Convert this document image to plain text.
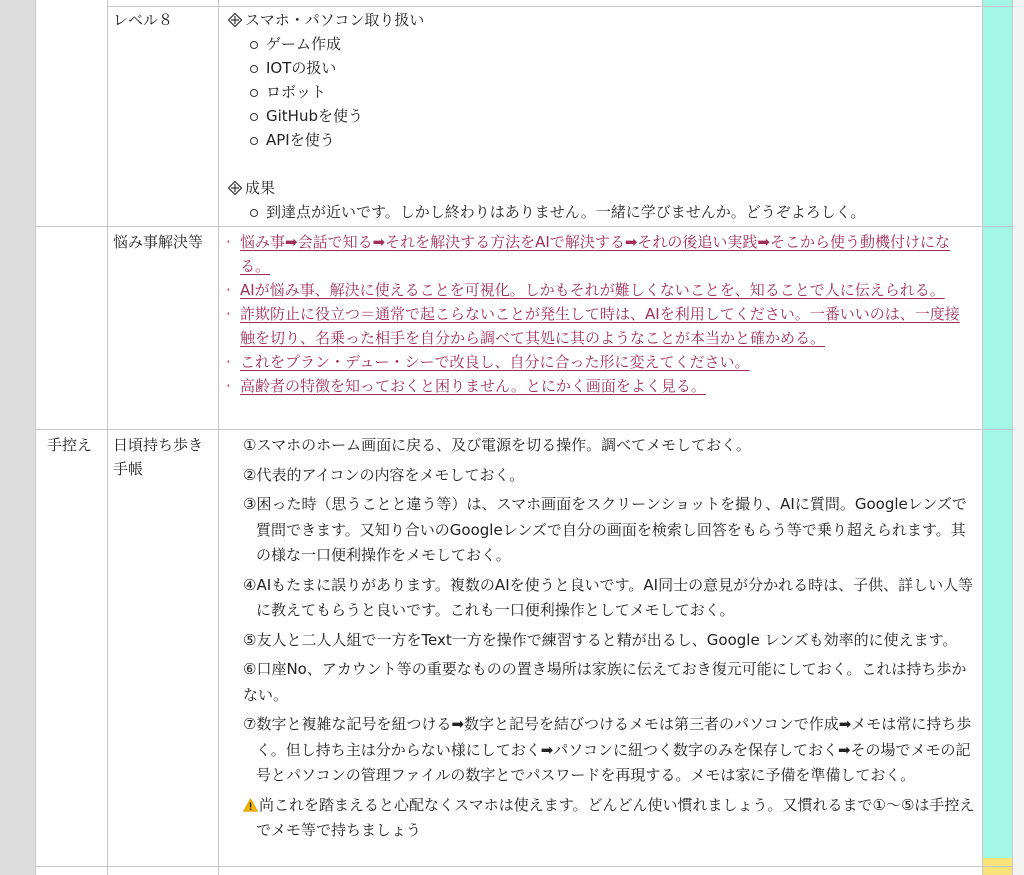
レベル８	スマホ・パソコン取り扱い
ゲーム作成
IOTの扱い
ロボット
GitHubを使う
APIを使う
成果
到達点が近いです。しかし終わりはありません。一緒に学びませんか。どうぞよろしく。
悩み事解決等
·	悩み事➡会話で知る➡それを解決する方法をAIで解決する➡それの後追い実践➡そこから使う動機付けになる。
· AIが悩み事、解決に使えることを可視化。しかもそれが難しくないことを、知ることで人に伝えられる。
· 詐欺防止に役立つ＝通常で起こらないことが発生して時は、AIを利用してください。一番いいのは、一度接触を切り、名乗った相手を自分から調べて其処に其のようなことが本当かと確かめる。
· これをプラン・デュー・シーで改良し、自分に合った形に変えてください。
· 高齢者の特徴を知っておくと困りません。とにかく画面をよく見る。
手控え	日頃持ち歩き手帳
①スマホのホーム画面に戻る、及び電源を切る操作。調べてメモしておく。
②代表的アイコンの内容をメモしておく。
③困った時（思うことと違う等）は、スマホ画面をスクリーンショットを撮り、AIに質問。Googleレンズで質問できます。又知り合いのGoogleレンズで自分の画面を検索し回答をもらう等で乗り超えられます。其の様な一口便利操作をメモしておく。
④AIもたまに誤りがあります。複数のAIを使うと良いです。AI同士の意見が分かれる時は、子供、詳しい人等に教えてもらうと良いです。これも一口便利操作としてメモしておく。
⑤友人と二人人組で一方をText一方を操作で練習すると精が出るし、Google レンズも効率的に使えます。
⑥口座No、アカウント等の重要なものの置き場所は家族に伝えておき復元可能にしておく。これは持ち歩かない。
⑦数字と複雑な記号を紐つける➡数字と記号を結びつけるメモは第三者のパソコンで作成➡メモは常に持ち歩く。但し持ち主は分からない様にしておく➡パソコンに紐つく数字のみを保存しておく➡その場でメモの記号とパソコンの管理ファイルの数字とでパスワードを再現する。メモは家に予備を準備しておく。
尚これを踏まえると心配なくスマホは使えます。どんどん使い慣れましょう。又慣れるまで①〜⑤は手控えでメモ等で持ちましょう
